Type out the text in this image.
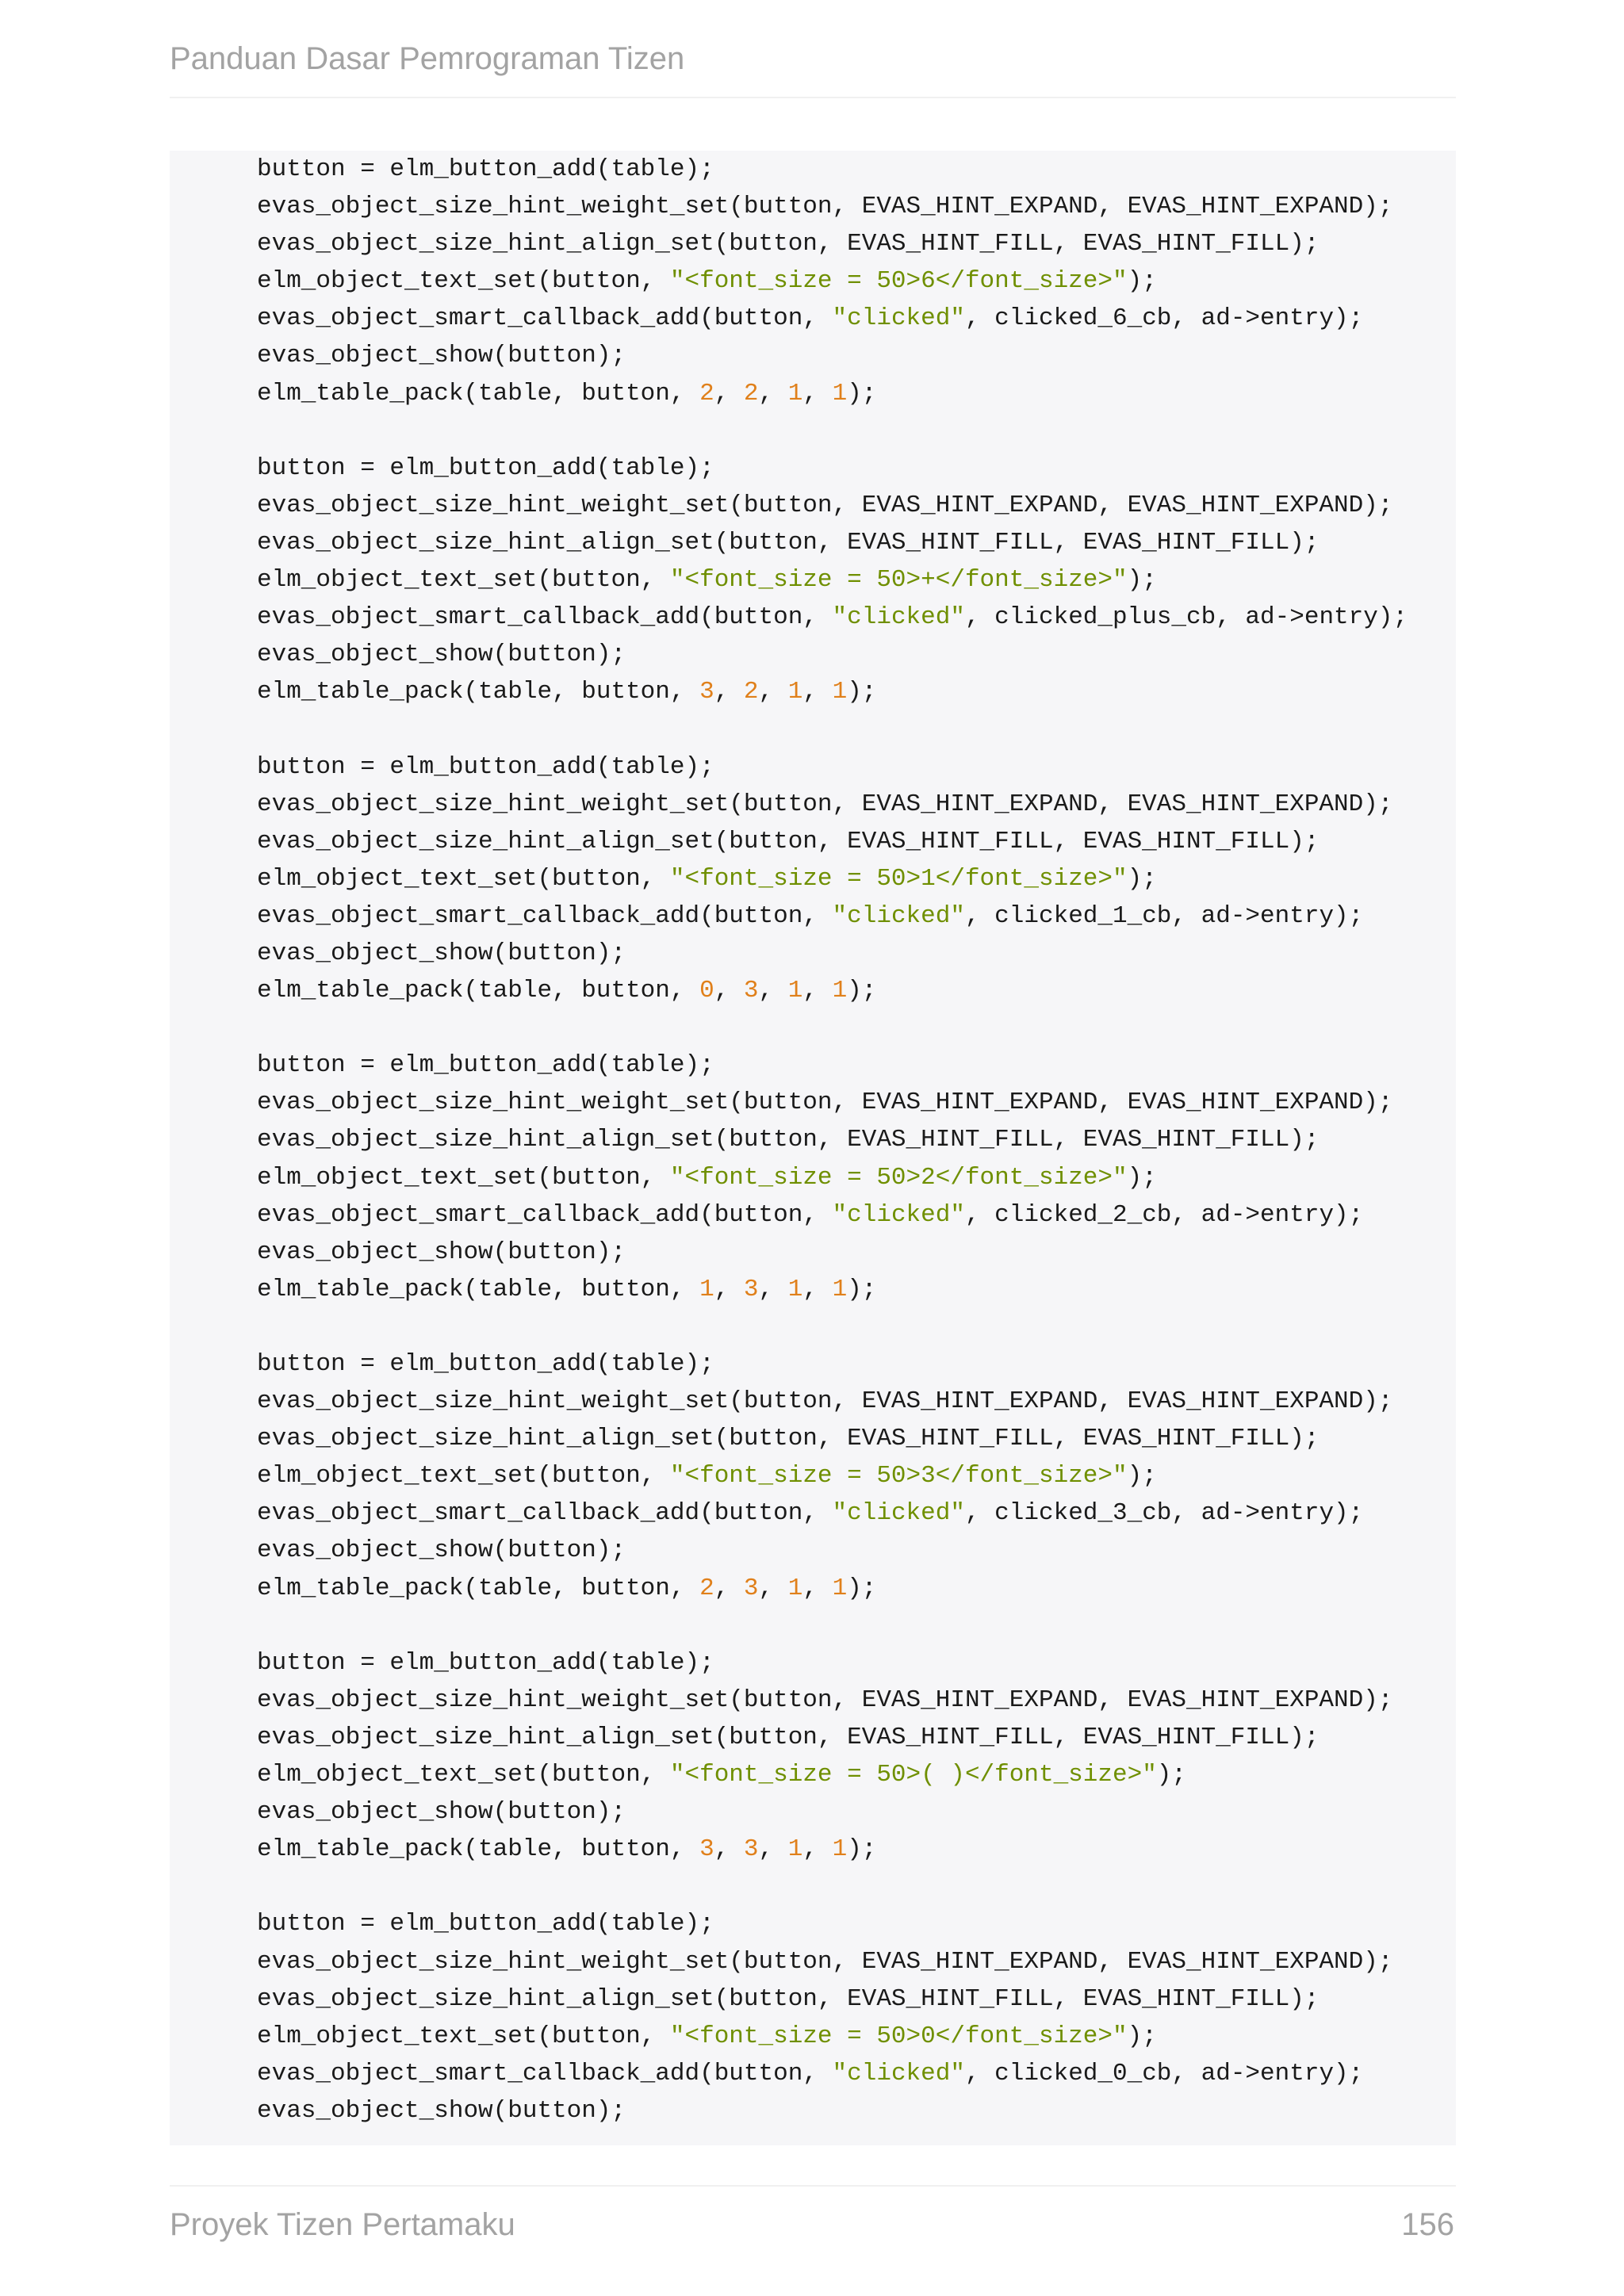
Panduan Dasar Pemrograman Tizen
button = elm_button_add(table);
evas_object_size_hint_weight_set(button, EVAS_HINT_EXPAND, EVAS_HINT_EXPAND);
evas_object_size_hint_align_set(button, EVAS_HINT_FILL, EVAS_HINT_FILL);
elm_object_text_set(button, "<font_size = 50>6</font_size>");
evas_object_smart_callback_add(button, "clicked", clicked_6_cb, ad->entry);
evas_object_show(button);
elm_table_pack(table, button, 2, 2, 1, 1);
button = elm_button_add(table);
evas_object_size_hint_weight_set(button, EVAS_HINT_EXPAND, EVAS_HINT_EXPAND);
evas_object_size_hint_align_set(button, EVAS_HINT_FILL, EVAS_HINT_FILL);
elm_object_text_set(button, "<font_size = 50>+</font_size>");
evas_object_smart_callback_add(button, "clicked", clicked_plus_cb, ad->entry);
evas_object_show(button);
elm_table_pack(table, button, 3, 2, 1, 1);
button = elm_button_add(table);
evas_object_size_hint_weight_set(button, EVAS_HINT_EXPAND, EVAS_HINT_EXPAND);
evas_object_size_hint_align_set(button, EVAS_HINT_FILL, EVAS_HINT_FILL);
elm_object_text_set(button, "<font_size = 50>1</font_size>");
evas_object_smart_callback_add(button, "clicked", clicked_1_cb, ad->entry);
evas_object_show(button);
elm_table_pack(table, button, 0, 3, 1, 1);
button = elm_button_add(table);
evas_object_size_hint_weight_set(button, EVAS_HINT_EXPAND, EVAS_HINT_EXPAND);
evas_object_size_hint_align_set(button, EVAS_HINT_FILL, EVAS_HINT_FILL);
elm_object_text_set(button, "<font_size = 50>2</font_size>");
evas_object_smart_callback_add(button, "clicked", clicked_2_cb, ad->entry);
evas_object_show(button);
elm_table_pack(table, button, 1, 3, 1, 1);
button = elm_button_add(table);
evas_object_size_hint_weight_set(button, EVAS_HINT_EXPAND, EVAS_HINT_EXPAND);
evas_object_size_hint_align_set(button, EVAS_HINT_FILL, EVAS_HINT_FILL);
elm_object_text_set(button, "<font_size = 50>3</font_size>");
evas_object_smart_callback_add(button, "clicked", clicked_3_cb, ad->entry);
evas_object_show(button);
elm_table_pack(table, button, 2, 3, 1, 1);
button = elm_button_add(table);
evas_object_size_hint_weight_set(button, EVAS_HINT_EXPAND, EVAS_HINT_EXPAND);
evas_object_size_hint_align_set(button, EVAS_HINT_FILL, EVAS_HINT_FILL);
elm_object_text_set(button, "<font_size = 50>( )</font_size>");
evas_object_show(button);
elm_table_pack(table, button, 3, 3, 1, 1);
button = elm_button_add(table);
evas_object_size_hint_weight_set(button, EVAS_HINT_EXPAND, EVAS_HINT_EXPAND);
evas_object_size_hint_align_set(button, EVAS_HINT_FILL, EVAS_HINT_FILL);
elm_object_text_set(button, "<font_size = 50>0</font_size>");
evas_object_smart_callback_add(button, "clicked", clicked_0_cb, ad->entry);
evas_object_show(button);
Proyek Tizen Pertamaku	156
